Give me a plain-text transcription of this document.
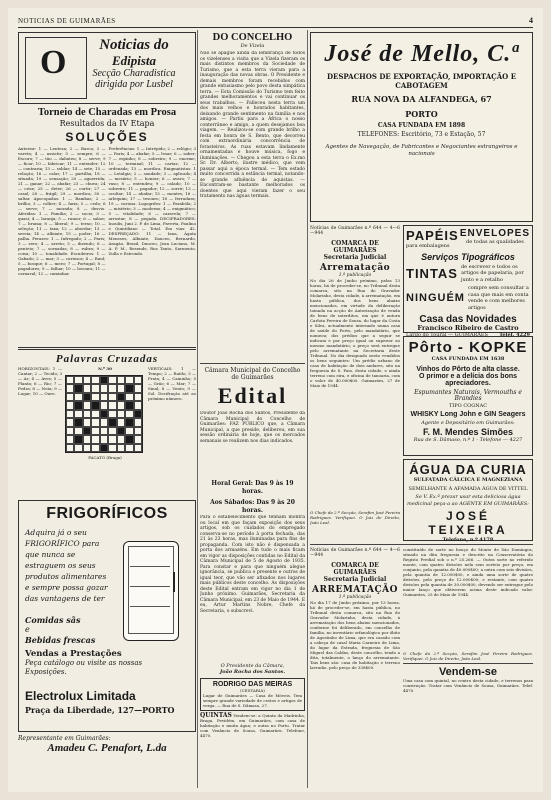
NOTICIAS DE GUIMARÃES	4
O	Noticias do
Edipista
Secção Charadistica
dirigida por Lusbel
Torneio de Charadas em Prosa
Resultados da IV Etapa
SOLUÇÕES
Anterior: 1 — Lenteza; 2 — Barca; 3 — vareta; 4 — assistir; 5 — sempre; 6 — Escuro; 7 — tão — dabateu; 8 — serve; 9 — ficar; 10 — fabricar; 11 — entender; 12 — contraria; 13 — soldar; 14 — sete; 15 — relação; 16 — calar; 17 — partilha; 18 — situada; 19 — sensação; 20 — aguerrida; 21 — ganar; 22 — abafar; 23 — chuva; 24 — crise; 25 — deter; 26 — curtir; 27 — casal; 28 — frágil; 29 — mordica; 30 — saltar. Apocopadas: 1 — Bambas; 2 — brilho; 3 — colher; 4 — faria; 5 — cedo; 6 — serve; 7 — morada; 8 — desvio. Aferidas: 1 — Família; 2 — socio; 3 — quasi; 4 — laranja; 5 — rumor; 6 — sabor; 7 — bruma; 8 — liberal; 9 — terno; 10 — seleção; 11 — taxa; 12 — abordar; 13 — sereia; 14 — alfaiate; 15 — poder; 16 — palha. Ferazes: 1 — Infregado; 2 — Paris; 3 — zero; 4 — arreto; 5 — dizendo; 6 — penteio; 7 — sornadas; 8 — rubra; 9 — coisa; 10 — tonalidade. Escudeiros: 1 — Gabado; 2 — mar; 3 — curiosos; 4 — Raul; 5 — bosque; 6 — mero; 7 — Portugal; 8 — pagadores; 9 — falhar; 10 — lavoura; 11 — carnaval; 12 — caminhar.
Preferências: 1 — Intrépido; 2 — relógio; 3 — Paris; 4 — abafar; 5 — lesar; 6 — saber; 7 — espinho; 8 — sobreiro; 9 — enorme; 10 — terminal; 11 — cartaz; 12 — ordenada; 13 — mordica. Enigmatistas: 1 — Letalgia; 2 — saudade; 3 — aplicado; 4 — mesário; 5 — honrar; 6 — avaro; 7 — vaso; 8 — entendeu; 9 — calado; 10 — sobreiro; 11 — pagador; 12 — sorrir; 13 — ocultar; 14 — abafar; 15 — montes; 16 — arlequim; 17 — tesouro; 18 — ferradura; 19 — curiosa. Logogrifos: 1 — Parabóla; 2 — mistério; 3 — moderno; 4 — enigmático; 5 — vitalidade; 6 — caravela; 7 — arrostar; 8 — pegada. DECIFRADORES: Inoulis, Juni 2. P. de Lima, Faverta, Paulino e Quintiliano — Total. Em vias: 42. DESPREÇADO: 11 — Iana, Ágata Meneses, Alfaiate, Dauceo, Bernardo, Aragão, Brasil, Dauceo, Jean Luciano, M. A. P. M., Resende, Rus Tanto, Sarmento, Zulla e Estrondo.
Palavras Cruzadas
HORIZONTAIS: 1 — Cantar; 2 — Tecido; 3 — Ar; 4 — Aves; 5 — Planta; 6 — Rio; 7 — Pedra; 8 — Nota; 9 — Lugar; 10 — Ouro.
N.º 30
PACATO (Braga)
VERTICAIS: 1 — Tempo; 2 — Ruído; 3 — Prata; 4 — Caminho; 5 — Grão; 6 — Mar; 7 — Sinal; 8 — Vento; 9 — Sol. Decifração até ao próximo número.
FRIGORÍFICOS
Adquira já o seu FRIGORÍFICO para que nunca se estraguem os seus produtos alimentares e sempre possa gozar das vantagens de ter
Comidas sãs
e
Bebidas frescas
Vendas a Prestações
Peça catálogo ou visite as nossas Exposições.
Electrolux Limitada
Praça da Liberdade, 127—PORTO
Representante em Guimarães:
Amadeu C. Penafort, L.da
DO CONCELHO
De Vizela
Não se apague ainda da lembrança de todos os vizelenses a visita que a Vizela fizeram os mais distintos membros da Sociedade de Turismo, que a esta terra vieram para a inauguração das novas obras. O Presidente e demais membros foram recebidos com grande entusiasmo pelo povo desta simpática terra. — Esta Comissão do Turismo tem feito grandes melhoramentos e vai continuar os seus trabalhos. — Falleceu nesta terra um dos mais velhos e honrados habitantes, deixando grande sentimento na família e nos amigos. — Partiu para a África o nosso conterrâneo e amigo, a quem desejamos boa viagem. — Realizou-se com grande brilho a festa em honra de S. Bento, que decorreu com extraordinária concorrência de forasteiros. As ruas estavam lindamente ornamentadas e houve música, fogo e iluminações. — Chegou a esta terra o Ex.mo Sr. Dr. Alberto, ilustre médico, que vem passar aqui a época termal. — Tem estado muito concorrida a estância termal, notando-se grande afluência de aquistas. — Encontram-se bastante melhorados os doentes que aqui vieram fazer o seu tratamento nas águas termais.
Câmara Municipal do Concelho de Guimarães
Edital
Doutor João Rocha dos Santos, Presidente da Câmara Municipal do Concelho de Guimarães: FAZ PÚBLICO que, a Câmara Municipal, a que preside, deliberou, em sua sessão ordinária de hoje, que os mercados semanais se realizem nos dias indicados.
Horal Geral: Das 9 às 19 horas.
Aos Sábados: Das 9 às 20 horas.
Para o estabelecimento que tenham montra ou local em que façam exposição dos seus artigos, sob os cuidados do empregado conserva-se no período à porta fechada, das 21 às 23 horas, mas iluminadas para fins de propaganda. Com isto não é dispensada a porta dos armazéns. Em tudo o mais ficam em vigor as disposições contidas no Edital da Câmara Municipal de 5 de Agosto de 1935. Para constar e para que ninguém alegue ignorância, se publica o presente e outros de igual teor, que vão ser afixados nos lugares mais públicos deste concelho. As disposições deste Edital entram em vigor no dia 1 de Junho próximo. Guimarães, Secretaria da Câmara Municipal, em 23 de Maio de 1944. E eu, Artur Martins Nobre, Chefe da Secretaria, o subscrevi.
O Presidente da Câmara,
João Rocha dos Santos.
RODRIGO DAS MEIRAS
(CESTARIA)
Lugar de Guimarães — Casa de Móveis. Tem sempre grande variedade de cestos e artigos de verga. — Rua de S. Dâmaso, 27.
QUINTAS Vendem-se: a Quinta da Madrinha, Braga, Pevidém, em Guimarães, com casa de habitação e muita água; e outra no Porto. Tratar com Venâncio de Sousa, Guimarães. Telefone, 4470.
José de Mello, C.ª
DESPACHOS DE EXPORTAÇÃO, IMPORTAÇÃO E CABOTAGEM
RUA NOVA DA ALFANDEGA, 67
PORTO
CASA FUNDADA EM 1898
TELEFONES: Escritório, 73 e Estação, 57
Agentes de Navegação, de Fabricantes e Negociantes estrangeiros e nacionais
Notícias de Guimarães n.º 644 — 4—6—944
COMARCA DE GUIMARÃES
Secretaria Judicial
Arrematação
1.ª publicação
No dia 26 de Junho próximo, pelas 13 horas, há de proceder-se, no Tribunal desta comarca, sito na Rua do Gravador Molarinho, desta cidade, à arrematação, em hasta pública, dos bens abaixo mencionados, em virtude da deliberação tomada na acção de Autorização de venda de bens de interditos, em que é autora Carlota Pereira de Sousa, do lugar da Costa e Silva, actualmente internado numa casa de saúde do Porto, pelo mandatário, que nomeou; dos prédios que a seguir se indicam e por preço igual ou superior ao mesmo mandatário; o preço será entregue pelo arrematante na Secretaria deste Tribunal. No dia designado serão vendidos os bens seguintes: Um prédio urbano de casa de habitação de dois andares, sito na freguesia de S. Paio, desta cidade, e ainda terreno com eira, e oficina de tanoaria, com o valor de 40.000$00. Guimarães, 27 de Maio de 1944.
O Chefe da 2.ª Secção, Serafim José Pereira Rodrigues. Verifiquei. O Juiz de Direito, João Leal.
PAPÉIS
para embalagens
ENVELOPES
de todas as qualidades
Serviços Tipográficos
TINTAS de escrever e todos os artigos de papelaria, por junto e a retalho
NINGUÉM
compre sem consultar a casa que mais em conta vende e com melhores artigos
Casa das Novidades
Francisco Ribeiro de Castro
Largo do Toural — GUIMARÃES Telef. 4229
Pôrto - KOPKE
CASA FUNDADA EM 1638
Vinhos do Pôrto de alta classe.
O primor e a delícia dos bons apreciadores.
Espumantes Naturais, Vermouths e Brandies
TIPO COGNAC
WHISKY Long John e GIN Seagers
Agente e Depositário em Guimarães:
F. M. Mendes Simões
Rua de S. Dâmaso, n.º 1 - Telefone — 4227
ÁGUA DA CURIA
SULFATADA CÁLCICA E MAGNEZIANA
SEMELHANTE À AFAMADA ÁGUA DE VITTEL
Se V. Ex.ª prezar usar esta deliciosa água medicinal peça-a ao AGENTE EM GUIMARÃES:
JOSÉ TEIXEIRA
Telefone, n.º 4178
Notícias de Guimarães n.º 644 — 4—6—944
COMARCA DE GUIMARÃES
Secretaria Judicial
ARREMATAÇÃO
1.ª publicação
No dia 17 de Junho próximo, por 13 horas, há de proceder-se, em hasta pública, no Tribunal desta comarca, sito na Rua do Gravador Molarinho, desta cidade, à arrematação dos bens abaixo mencionados, conforme foi deliberado, em conselho de família, no inventário orfanológico por óbito de Agostinho de Lima, que era casado com a cabeça de casal Maria Carneiro de Lima, do lugar da Estrada, freguesia de São Miguel das Caldas, deste concelho, tendo a dita, totalmente, o lanço do arrematante. Tais bens são: casa de habitação e terreno lavradio, pelo preço de 338$00.
constituído de sorte no bouço do Monte de São Domingos, situado na dita freguesia e descrito na Conservatória do Registo Predial sob o n.º 25.266. — Outra sorte no referido monte, com quatro divisões nela sem sorteio por preço, em conjunto, pela quantia de 40.000$00; a outra com seis divisões, pela quantia de 12.000$00, e ainda uma sorte de quatro divisões, pelo preço de 12.000$00; e restante, com quatro divisões pela quantia de 30.000$00, devendo ser entregue pelo maior lanço que obtiverem acima deste indicado valor. Guimarães, 25 de Maio de 1944.
O Chefe da 2.ª Secção, Serafim José Pereira Rodrigues. Verifiquei. O Juiz de Direito, João Leal.
Vendem-se
Uma casa com quintal, no centro desta cidade, e terrenos para construção. Tratar com Venâncio de Sousa, Guimarães. Telef. 4470.
